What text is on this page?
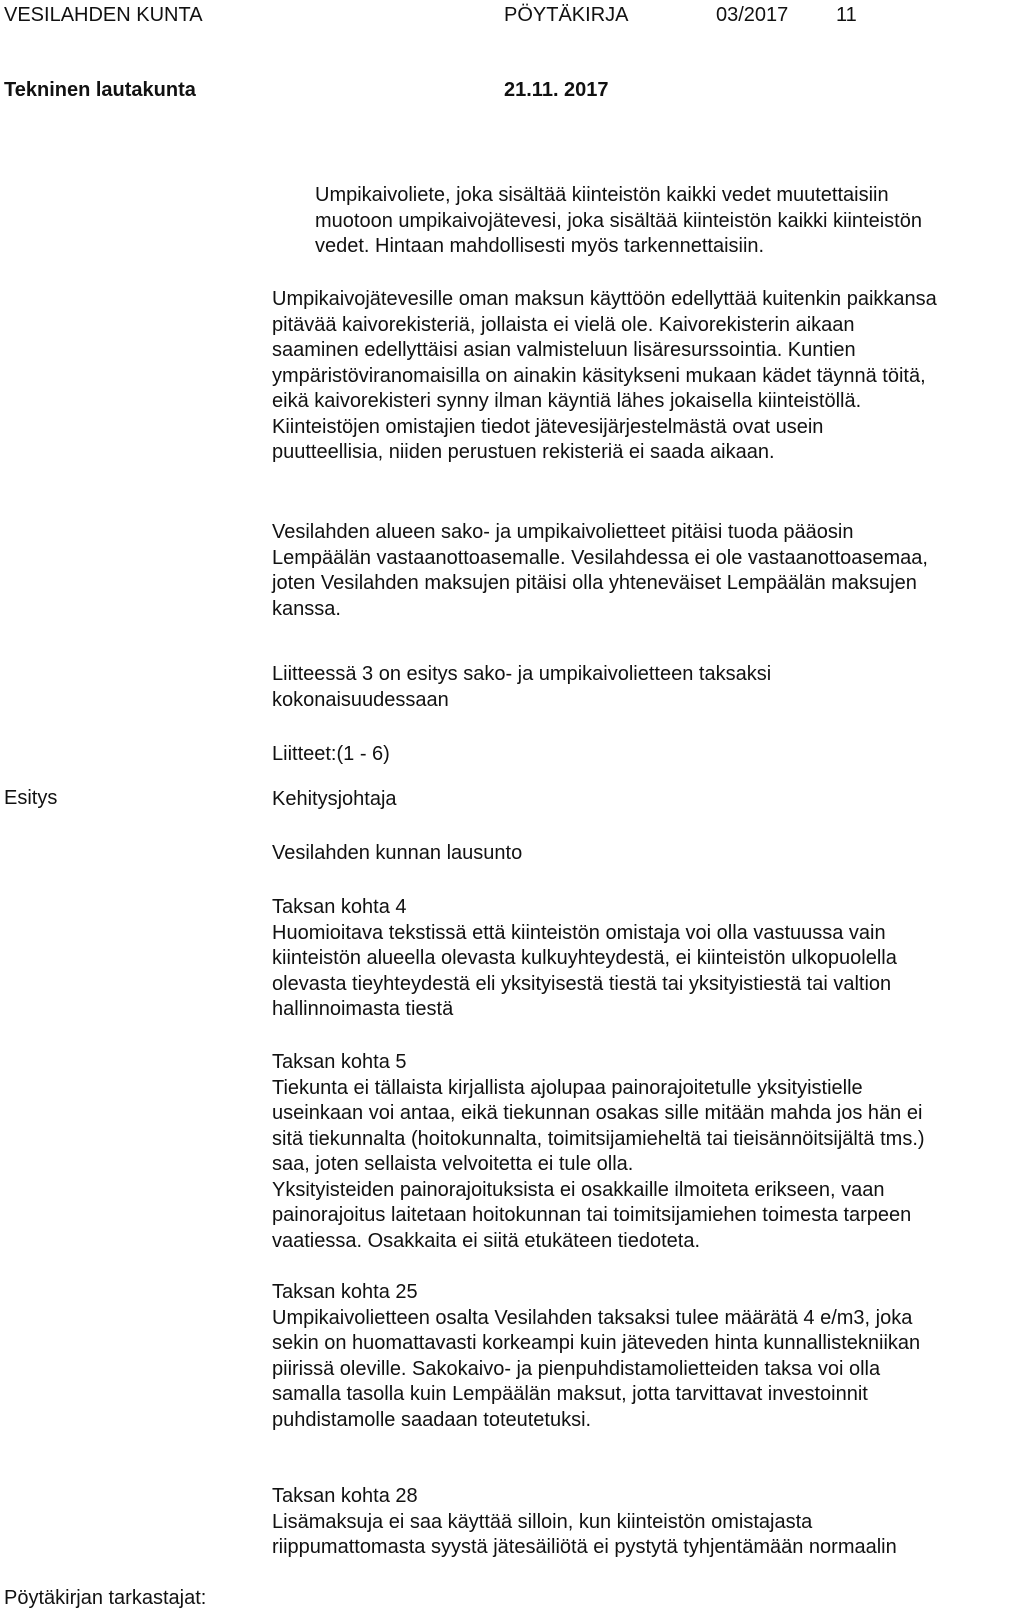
VESILAHDEN KUNTA	PÖYTÄKIRJA	03/2017 11
Tekninen lautakunta	21.11. 2017
Esitys
Pöytäkirjan tarkastajat:

Umpikaivoliete, joka sisältää kiinteistön kaikki vedet muutettaisiin
muotoon umpikaivojätevesi, joka sisältää kiinteistön kaikki kiinteistön
vedet. Hintaan mahdollisesti myös tarkennettaisiin.

Umpikaivojätevesille oman maksun käyttöön edellyttää kuitenkin paikkansa
pitävää kaivorekisteriä, jollaista ei vielä ole. Kaivorekisterin aikaan
saaminen edellyttäisi asian valmisteluun lisäresurssointia. Kuntien
ympäristöviranomaisilla on ainakin käsitykseni mukaan kädet täynnä töitä,
eikä kaivorekisteri synny ilman käyntiä lähes jokaisella kiinteistöllä.
Kiinteistöjen omistajien tiedot jätevesijärjestelmästä ovat usein
puutteellisia, niiden perustuen rekisteriä ei saada aikaan.

Vesilahden alueen sako- ja umpikaivolietteet pitäisi tuoda pääosin
Lempäälän vastaanottoasemalle. Vesilahdessa ei ole vastaanottoasemaa,
joten Vesilahden maksujen pitäisi olla yhteneväiset Lempäälän maksujen
kanssa.

Liitteessä 3 on esitys sako- ja umpikaivolietteen taksaksi
kokonaisuudessaan

Liitteet:(1 - 6)

Kehitysjohtaja

Vesilahden kunnan lausunto

Taksan kohta 4
Huomioitava tekstissä että kiinteistön omistaja voi olla vastuussa vain
kiinteistön alueella olevasta kulkuyhteydestä, ei kiinteistön ulkopuolella
olevasta tieyhteydestä eli yksityisestä tiestä tai yksityistiestä tai valtion
hallinnoimasta tiestä

Taksan kohta 5
Tiekunta ei tällaista kirjallista ajolupaa painorajoitetulle yksityistielle
useinkaan voi antaa, eikä tiekunnan osakas sille mitään mahda jos hän ei
sitä tiekunnalta (hoitokunnalta, toimitsijamieheltä tai tieisännöitsijältä tms.)
saa, joten sellaista velvoitetta ei tule olla.
Yksityisteiden painorajoituksista ei osakkaille ilmoiteta erikseen, vaan
painorajoitus laitetaan hoitokunnan tai toimitsijamiehen toimesta tarpeen
vaatiessa. Osakkaita ei siitä etukäteen tiedoteta.

Taksan kohta 25
Umpikaivolietteen osalta Vesilahden taksaksi tulee määrätä 4 e/m3, joka
sekin on huomattavasti korkeampi kuin jäteveden hinta kunnallistekniikan
piirissä oleville. Sakokaivo- ja pienpuhdistamolietteiden taksa voi olla
samalla tasolla kuin Lempäälän maksut, jotta tarvittavat investoinnit
puhdistamolle saadaan toteutetuksi.

Taksan kohta 28
Lisämaksuja ei saa käyttää silloin, kun kiinteistön omistajasta
riippumattomasta syystä jätesäiliötä ei pystytä tyhjentämään normaalin
